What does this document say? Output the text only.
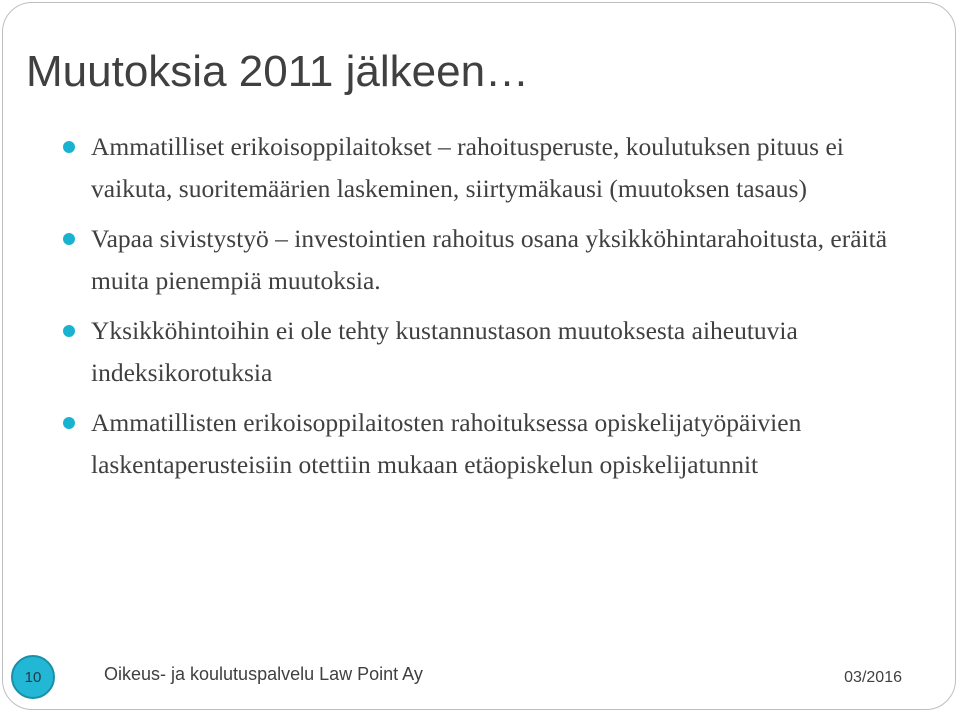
Muutoksia 2011 jälkeen…
Ammatilliset erikoisoppilaitokset – rahoitusperuste, koulutuksen pituus ei vaikuta, suoritemäärien laskeminen, siirtymäkausi (muutoksen tasaus)
Vapaa sivistystyö – investointien rahoitus osana yksikköhintarahoitusta, eräitä muita pienempiä muutoksia.
Yksikköhintoihin ei ole tehty kustannustason muutoksesta aiheutuvia indeksikorotuksia
Ammatillisten erikoisoppilaitosten rahoituksessa opiskelijatyöpäivien laskentaperusteisiin otettiin mukaan etäopiskelun opiskelijatunnit
10	Oikeus- ja koulutuspalvelu Law Point Ay	03/2016
